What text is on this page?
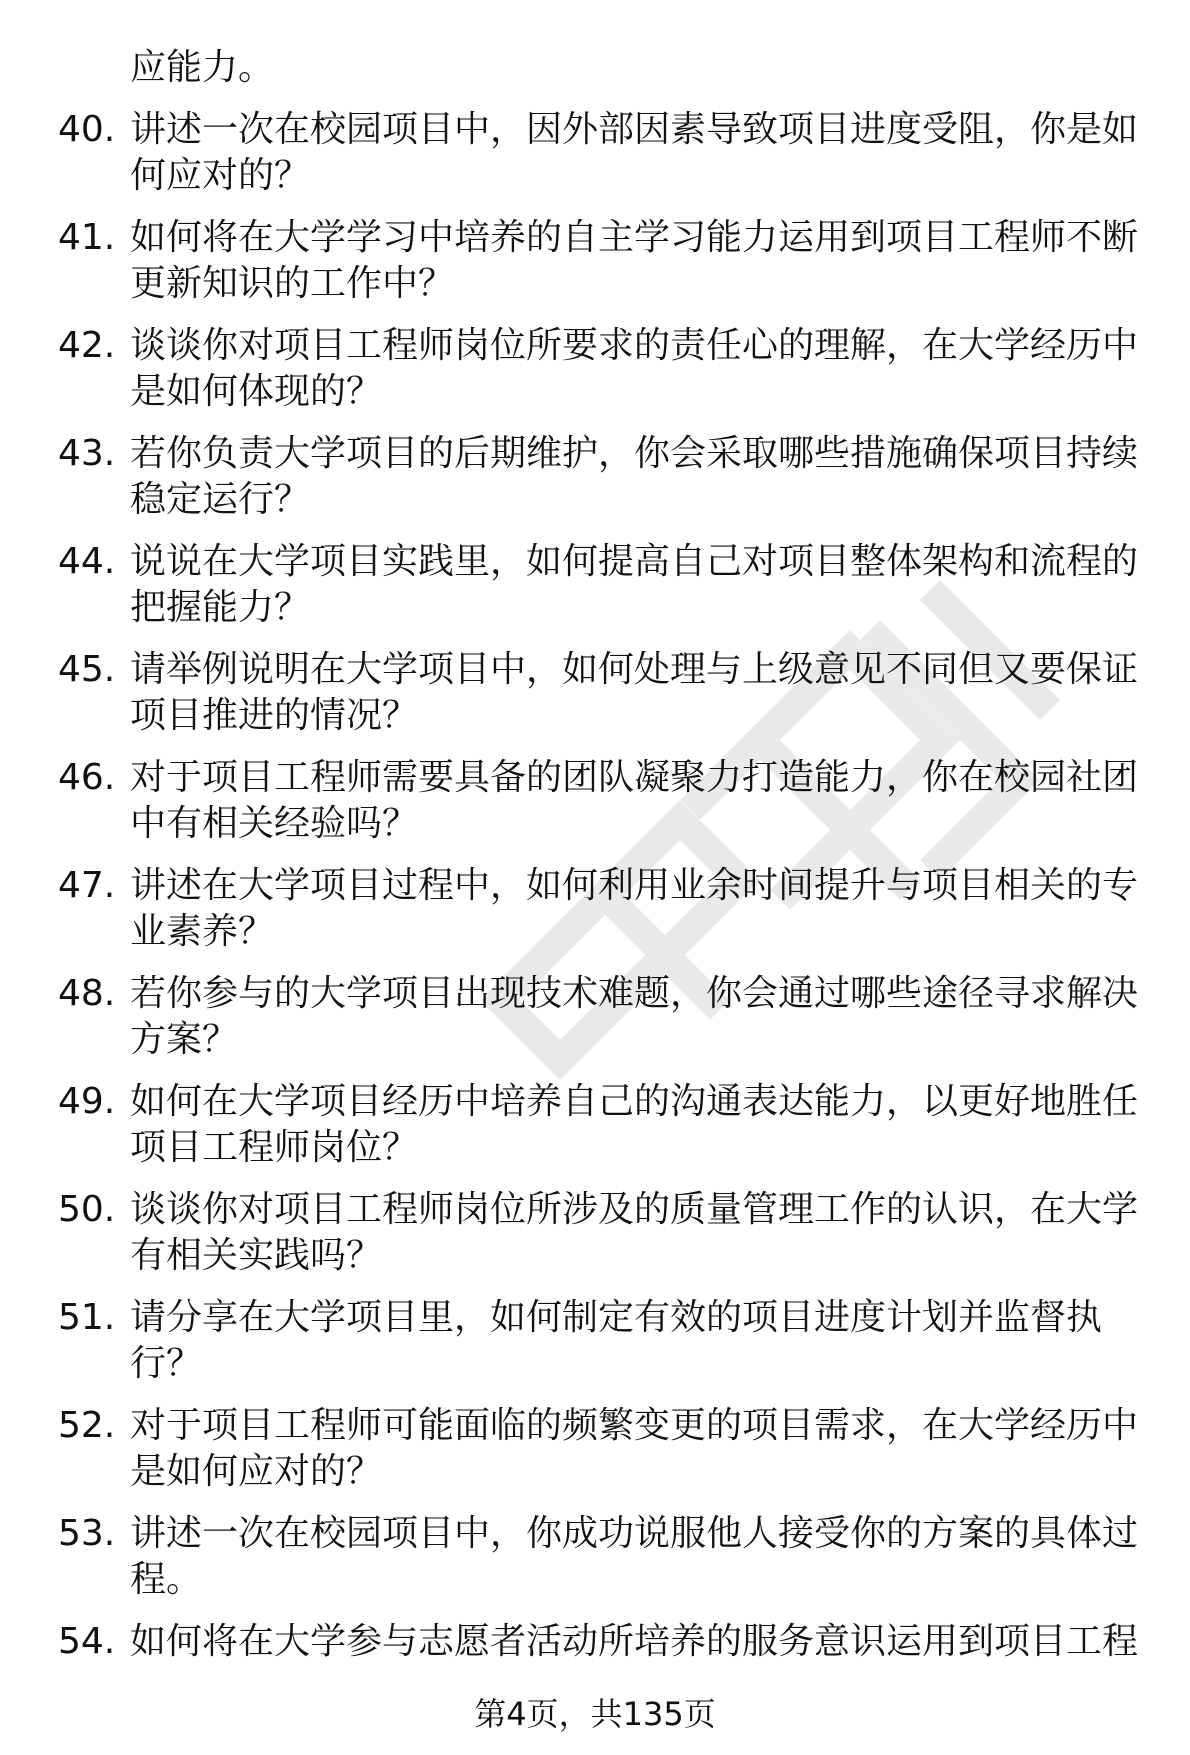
应能力。
40. 讲述一次在校园项目中，因外部因素导致项目进度受阻，你是如
何应对的？
41. 如何将在大学学习中培养的自主学习能力运用到项目工程师不断
更新知识的工作中？
42. 谈谈你对项目工程师岗位所要求的责任心的理解，在大学经历中
是如何体现的？
43. 若你负责大学项目的后期维护，你会采取哪些措施确保项目持续
稳定运行？
44. 说说在大学项目实践里，如何提高自己对项目整体架构和流程的
把握能力？
45. 请举例说明在大学项目中，如何处理与上级意见不同但又要保证
项目推进的情况？
46. 对于项目工程师需要具备的团队凝聚力打造能力，你在校园社团
中有相关经验吗？
47. 讲述在大学项目过程中，如何利用业余时间提升与项目相关的专
业素养？
48. 若你参与的大学项目出现技术难题，你会通过哪些途径寻求解决
方案？
49. 如何在大学项目经历中培养自己的沟通表达能力，以更好地胜任
项目工程师岗位？
50. 谈谈你对项目工程师岗位所涉及的质量管理工作的认识，在大学
有相关实践吗？
51. 请分享在大学项目里，如何制定有效的项目进度计划并监督执
行？
52. 对于项目工程师可能面临的频繁变更的项目需求，在大学经历中
是如何应对的？
53. 讲述一次在校园项目中，你成功说服他人接受你的方案的具体过
程。
54. 如何将在大学参与志愿者活动所培养的服务意识运用到项目工程
第4页，共135页
